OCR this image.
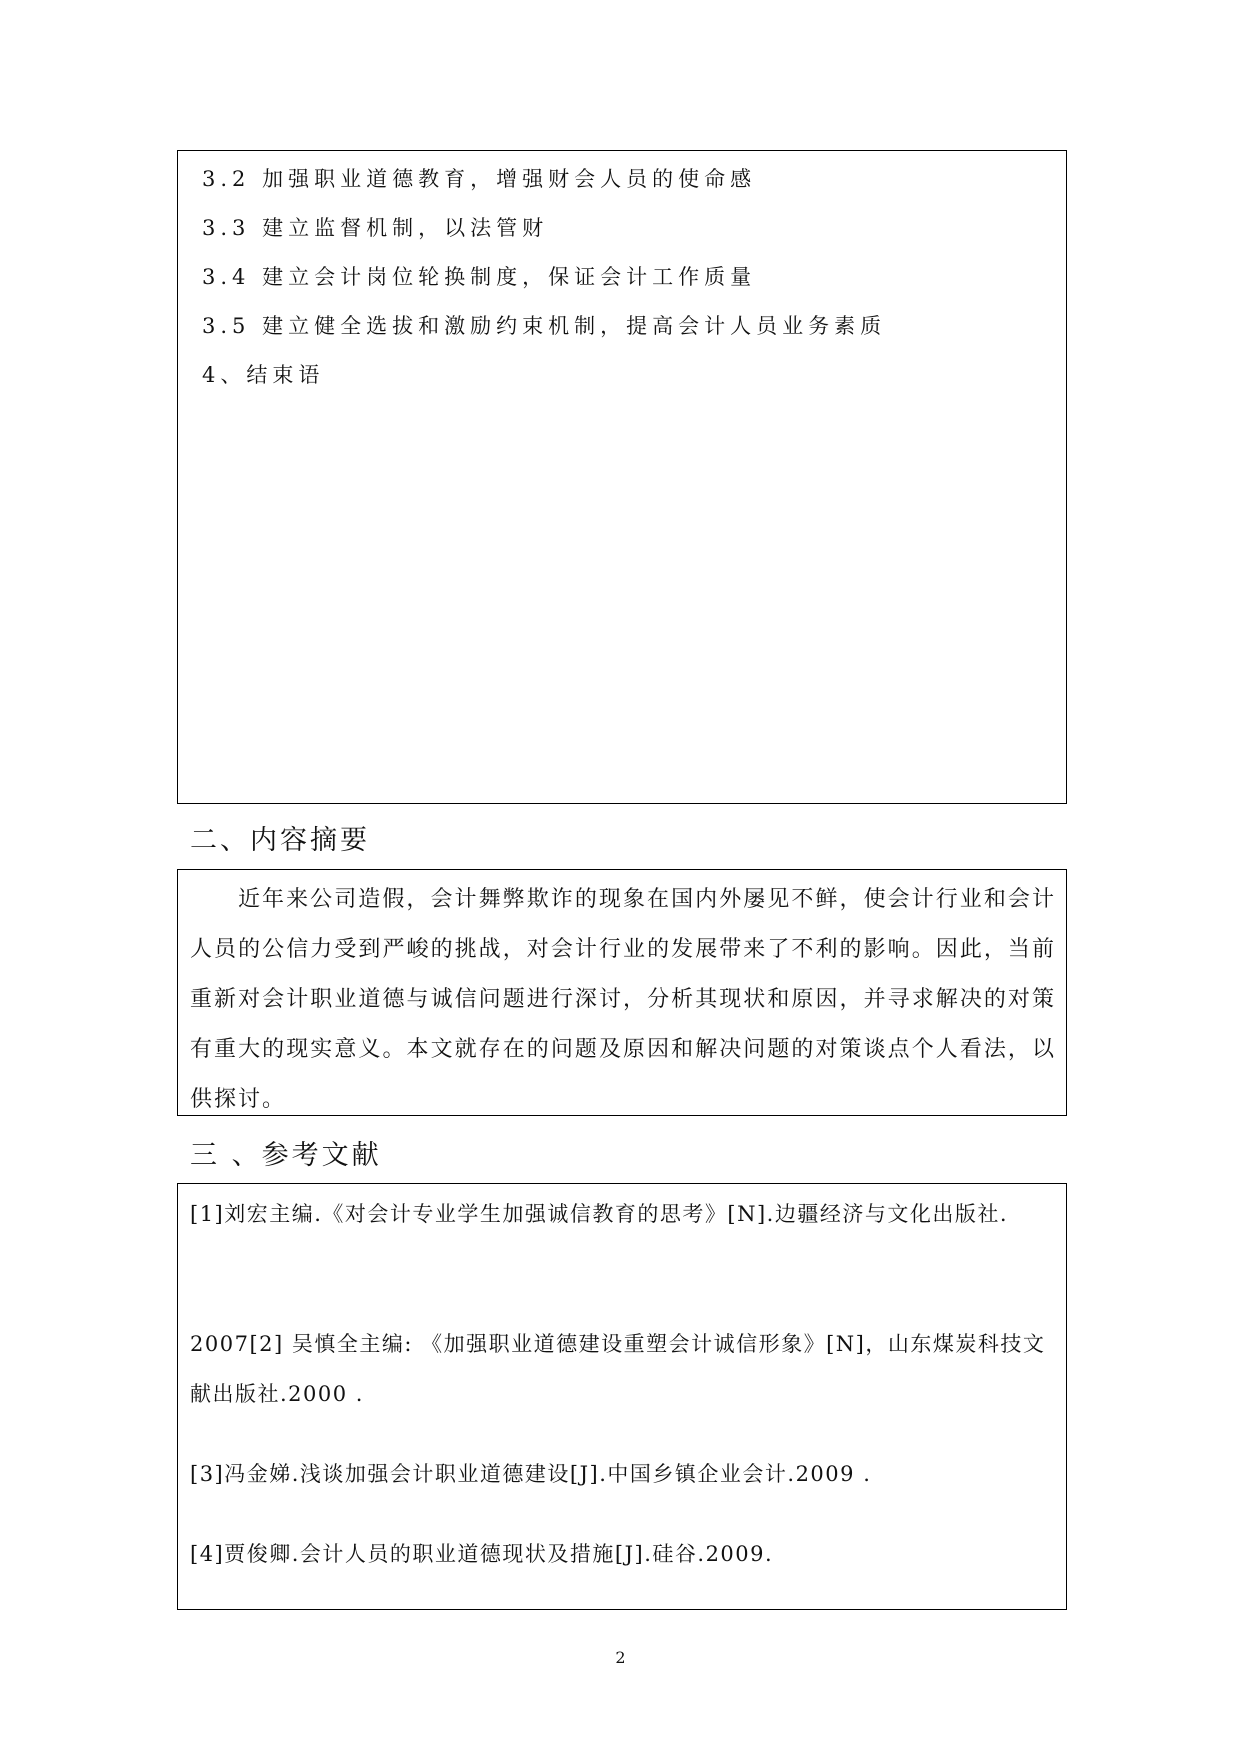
3.2 加强职业道德教育，增强财会人员的使命感
3.3 建立监督机制，以法管财
3.4 建立会计岗位轮换制度，保证会计工作质量
3.5 建立健全选拔和激励约束机制，提高会计人员业务素质
4、结束语
二、内容摘要

近年来公司造假，会计舞弊欺诈的现象在国内外屡见不鲜，使会计行业和会计人员的公信力受到严峻的挑战，对会计行业的发展带来了不利的影响。因此，当前重新对会计职业道德与诚信问题进行深讨，分析其现状和原因，并寻求解决的对策有重大的现实意义。本文就存在的问题及原因和解决问题的对策谈点个人看法，以供探讨。

三 、参考文献

[1]刘宏主编.《对会计专业学生加强诚信教育的思考》[N].边疆经济与文化出版社.

2007[2] 吴慎全主编: 《加强职业道德建设重塑会计诚信形象》[N]，山东煤炭科技文献出版社.2000 .

[3]冯金娣.浅谈加强会计职业道德建设[J].中国乡镇企业会计.2009 .

[4]贾俊卿.会计人员的职业道德现状及措施[J].硅谷.2009.

2
